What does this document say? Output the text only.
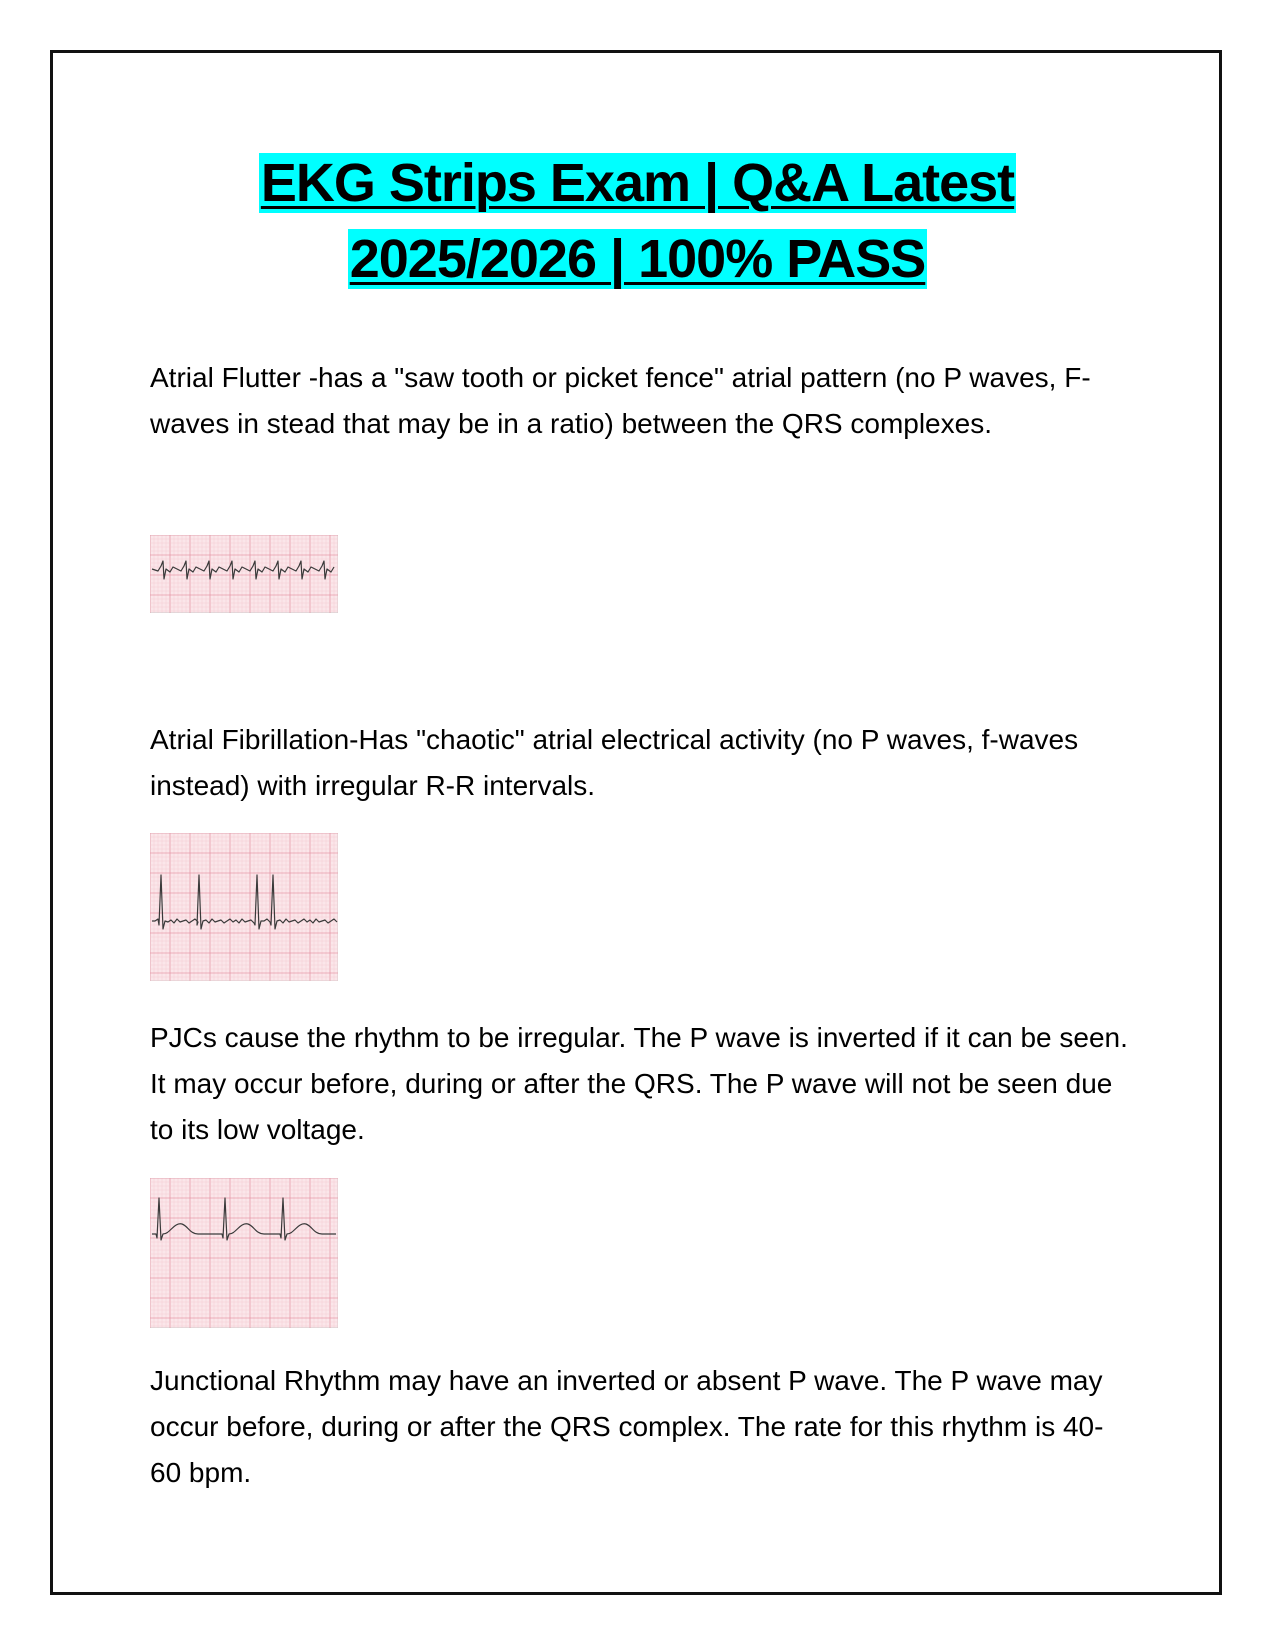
EKG Strips Exam | Q&A Latest
2025/2026 | 100% PASS

Atrial Flutter -has a "saw tooth or picket fence" atrial pattern (no P waves, F-waves in stead that may be in a ratio) between the QRS complexes.

Atrial Fibrillation-Has "chaotic" atrial electrical activity (no P waves, f-waves instead) with irregular R-R intervals.

PJCs cause the rhythm to be irregular. The P wave is inverted if it can be seen. It may occur before, during or after the QRS. The P wave will not be seen due to its low voltage.

Junctional Rhythm may have an inverted or absent P wave. The P wave may occur before, during or after the QRS complex. The rate for this rhythm is 40-60 bpm.
